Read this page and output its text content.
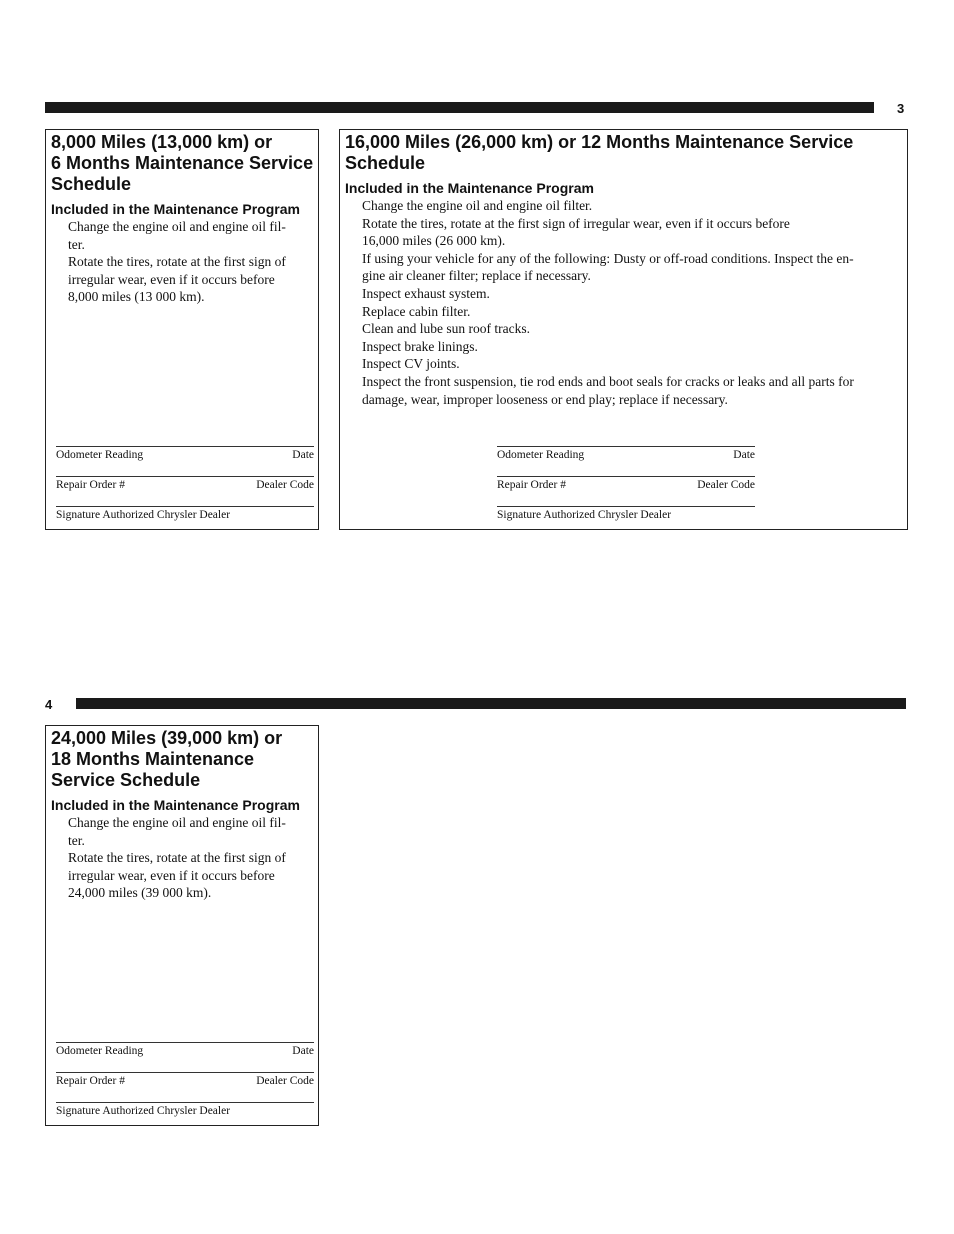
3
8,000 Miles (13,000 km) or
6 Months Maintenance Service
Schedule
Included in the Maintenance Program
Change the engine oil and engine oil fil-
ter.
Rotate the tires, rotate at the first sign of
irregular wear, even if it occurs before
8,000 miles (13 000 km).
Odometer Reading	Date
Repair Order #	Dealer Code
Signature Authorized Chrysler Dealer
16,000 Miles (26,000 km) or 12 Months Maintenance Service
Schedule
Included in the Maintenance Program
Change the engine oil and engine oil filter.
Rotate the tires, rotate at the first sign of irregular wear, even if it occurs before
16,000 miles (26 000 km).
If using your vehicle for any of the following: Dusty or off-road conditions. Inspect the en-
gine air cleaner filter; replace if necessary.
Inspect exhaust system.
Replace cabin filter.
Clean and lube sun roof tracks.
Inspect brake linings.
Inspect CV joints.
Inspect the front suspension, tie rod ends and boot seals for cracks or leaks and all parts for
damage, wear, improper looseness or end play; replace if necessary.
Odometer Reading	Date
Repair Order #	Dealer Code
Signature Authorized Chrysler Dealer
4
24,000 Miles (39,000 km) or
18 Months Maintenance
Service Schedule
Included in the Maintenance Program
Change the engine oil and engine oil fil-
ter.
Rotate the tires, rotate at the first sign of
irregular wear, even if it occurs before
24,000 miles (39 000 km).
Odometer Reading	Date
Repair Order #	Dealer Code
Signature Authorized Chrysler Dealer
